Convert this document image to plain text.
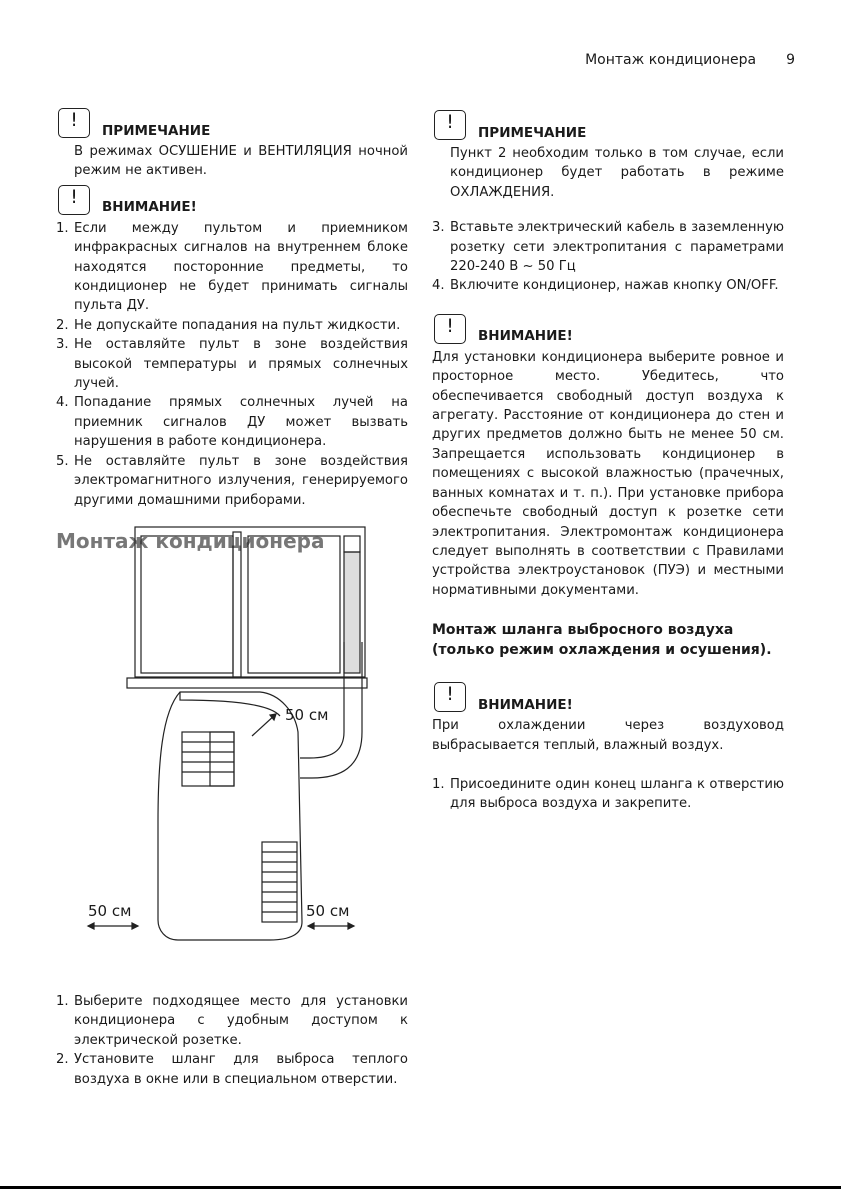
Монтаж кондиционера 9
!
ПРИМЕЧАНИЕ
В режимах ОСУШЕНИЕ и ВЕНТИЛЯЦИЯ ночной режим не активен.
!
ВНИМАНИЕ!
1. Если между пультом и приемником инфракрасных сигналов на внутреннем блоке находятся посторонние предметы, то кондиционер не будет принимать сигналы пульта ДУ.
2. Не допускайте попадания на пульт жидкости.
3. Не оставляйте пульт в зоне воздействия высокой температуры и прямых солнечных лучей.
4. Попадание прямых солнечных лучей на приемник сигналов ДУ может вызвать нарушения в работе кондиционера.
5. Не оставляйте пульт в зоне воздействия электромагнитного излучения, генерируемого другими домашними приборами.
Монтаж кондиционера
50 см
50 см	50 см
1. Выберите подходящее место для установки кондиционера с удобным доступом к электрической розетке.
2. Установите шланг для выброса теплого воздуха в окне или в специальном отверстии.
!
ПРИМЕЧАНИЕ
Пункт 2 необходим только в том случае, если кондиционер будет работать в режиме ОХЛАЖДЕНИЯ.
3. Вставьте электрический кабель в заземленную розетку сети электропитания с параметрами 220-240 В ~ 50 Гц
4. Включите кондиционер, нажав кнопку ON/OFF.
!
ВНИМАНИЕ!
Для установки кондиционера выберите ровное и просторное место. Убедитесь, что обеспечивается свободный доступ воздуха к агрегату. Расстояние от кондиционера до стен и других предметов должно быть не менее 50 см. Запрещается использовать кондиционер в помещениях с высокой влажностью (прачечных, ванных комнатах и т. п.). При установке прибора обеспечьте свободный доступ к розетке сети электропитания. Электромонтаж кондиционера следует выполнять в соответствии с Правилами устройства электроустановок (ПУЭ) и местными нормативными документами.
Монтаж шланга выбросного воздуха (только режим охлаждения и осушения).
!
ВНИМАНИЕ!
При охлаждении через воздуховод выбрасывается теплый, влажный воздух.
1. Присоедините один конец шланга к отверстию для выброса воздуха и закрепите.
